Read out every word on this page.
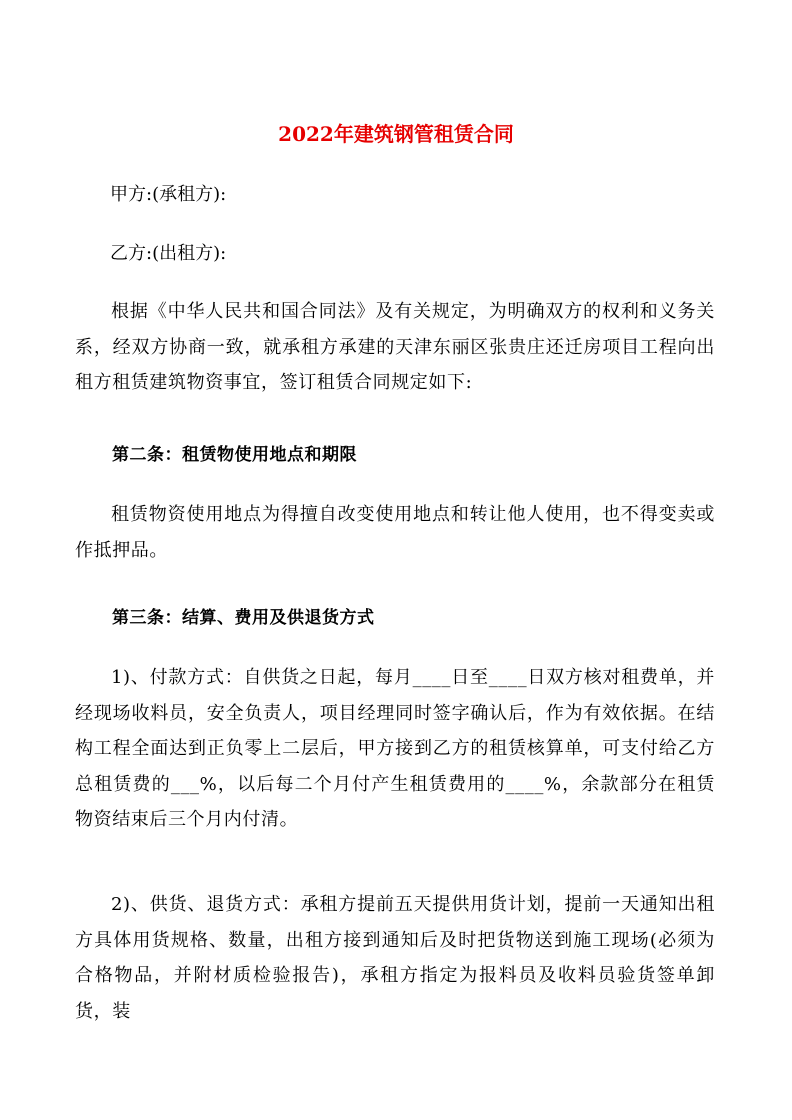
2022年建筑钢管租赁合同

甲方:(承租方):

乙方:(出租方):

根据《中华人民共和国合同法》及有关规定，为明确双方的权利和义务关系，经双方协商一致，就承租方承建的天津东丽区张贵庄还迁房项目工程向出租方租赁建筑物资事宜，签订租赁合同规定如下:

第二条：租赁物使用地点和期限

租赁物资使用地点为得擅自改变使用地点和转让他人使用，也不得变卖或作抵押品。

第三条：结算、费用及供退货方式

1)、付款方式：自供货之日起，每月____日至____日双方核对租费单，并经现场收料员，安全负责人，项目经理同时签字确认后，作为有效依据。在结构工程全面达到正负零上二层后，甲方接到乙方的租赁核算单，可支付给乙方总租赁费的___%，以后每二个月付产生租赁费用的____%，余款部分在租赁物资结束后三个月内付清。

2)、供货、退货方式：承租方提前五天提供用货计划，提前一天通知出租方具体用货规格、数量，出租方接到通知后及时把货物送到施工现场(必须为合格物品，并附材质检验报告)，承租方指定为报料员及收料员验货签单卸货，装
